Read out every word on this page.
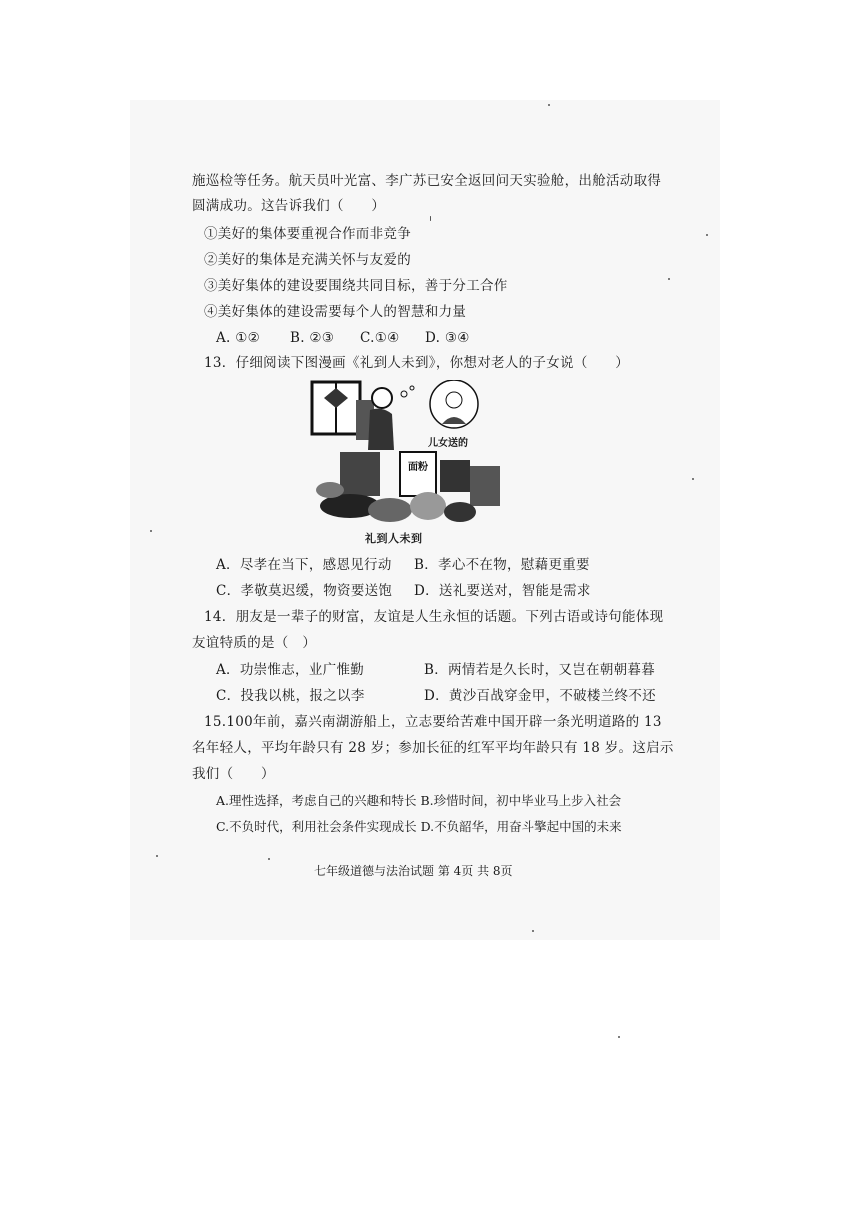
施巡检等任务。航天员叶光富、李广苏已安全返回问天实验舱，出舱活动取得
圆满成功。这告诉我们（　　）
①美好的集体要重视合作而非竞争
②美好的集体是充满关怀与友爱的
③美好集体的建设要围绕共同目标，善于分工合作
④美好集体的建设需要每个人的智慧和力量
A. ①② B. ②③ C.①④ D. ③④
13．仔细阅读下图漫画《礼到人未到》，你想对老人的子女说（　　）
儿女送的
面粉
礼到人未到
A．尽孝在当下，感恩见行动 B．孝心不在物，慰藉更重要
C．孝敬莫迟缓，物资要送饱 D．送礼要送对，智能是需求
14．朋友是一辈子的财富，友谊是人生永恒的话题。下列古语或诗句能体现
友谊特质的是（　）
A．功崇惟志，业广惟勤	B．两情若是久长时，又岂在朝朝暮暮
C．投我以桃，报之以李	D．黄沙百战穿金甲，不破楼兰终不还
15.100年前，嘉兴南湖游船上，立志要给苦难中国开辟一条光明道路的 13
名年轻人，平均年龄只有 28 岁；参加长征的红军平均年龄只有 18 岁。这启示
我们（　　）
A.理性选择，考虑自己的兴趣和特长 B.珍惜时间，初中毕业马上步入社会
C.不负时代，利用社会条件实现成长 D.不负韶华，用奋斗擎起中国的未来
七年级道德与法治试题 第 4页 共 8页
